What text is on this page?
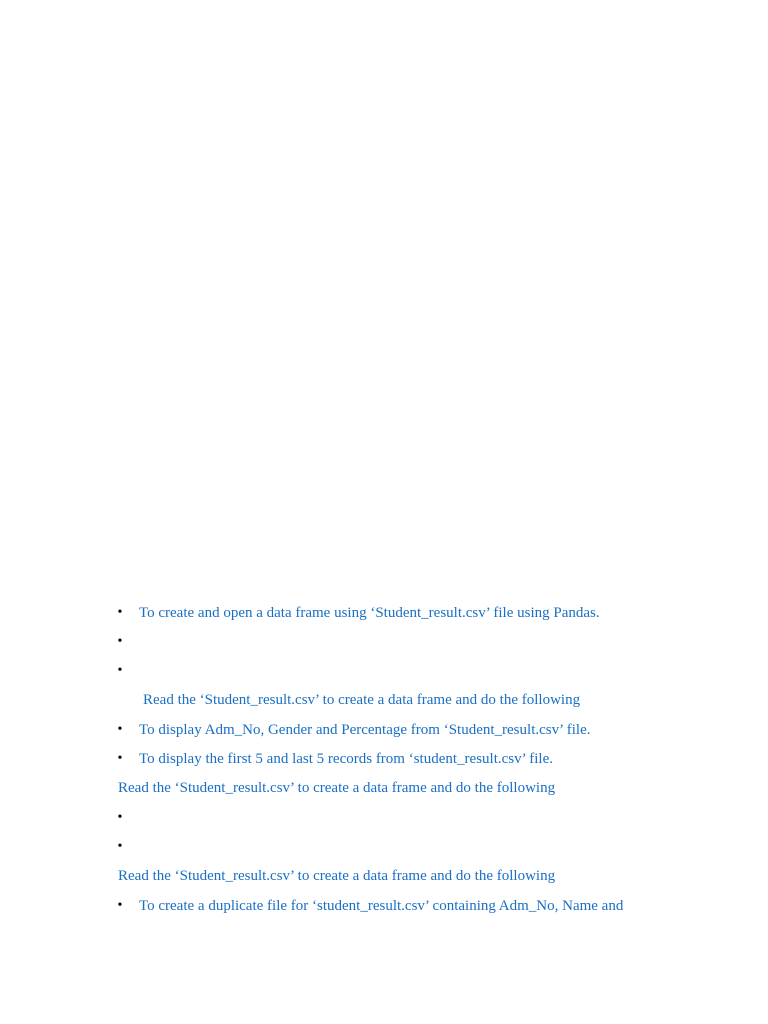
• To create and open a data frame using ‘Student_result.csv’ file using Pandas.
•
•
Read the ‘Student_result.csv’ to create a data frame and do the following
• To display Adm_No, Gender and Percentage from ‘Student_result.csv’ file.
• To display the first 5 and last 5 records from ‘student_result.csv’ file.
Read the ‘Student_result.csv’ to create a data frame and do the following
•
•
Read the ‘Student_result.csv’ to create a data frame and do the following
• To create a duplicate file for ‘student_result.csv’ containing Adm_No, Name and
